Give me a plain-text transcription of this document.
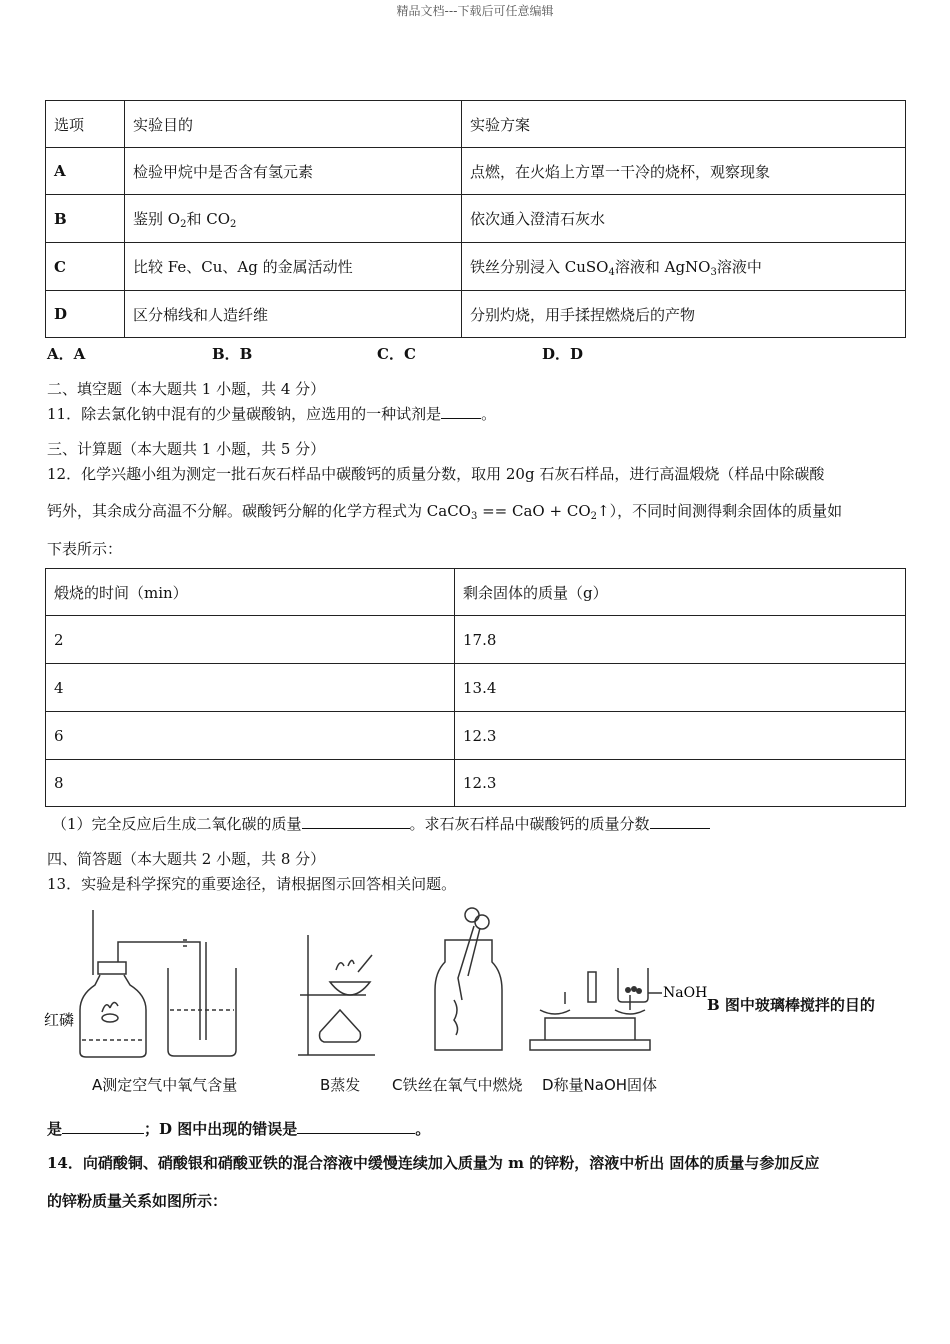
精品文档---下载后可任意编辑
选项	实验目的	实验方案
A	检验甲烷中是否含有氢元素	点燃，在火焰上方罩一干冷的烧杯，观察现象
B	鉴别 $O_2$和 $CO_2$	依次通入澄清石灰水
C	比较 Fe、Cu、Ag 的金属活动性	铁丝分别浸入 CuSO$_4$溶液和 AgNO$_3$溶液中
D	区分棉线和人造纤维	分别灼烧，用手揉捏燃烧后的产物
A．A	B．B	C．C	D．D
二、填空题（本大题共 1 小题，共 4 分）
11．除去氯化钠中混有的少量碳酸钠，应选用的一种试剂是	。
三、计算题（本大题共 1 小题，共 5 分）
12．化学兴趣小组为测定一批石灰石样品中碳酸钙的质量分数，取用 20g 石灰石样品，进行高温煅烧（样品中除碳酸
钙外，其余成分高温不分解。碳酸钙分解的化学方程式为 CaCO$_3$ == CaO + $CO_2↑$），不同时间测得剩余固体的质量如
下表所示：
煅烧的时间（min）	剩余固体的质量（g）
2	17.8
4	13.4
6	12.3
8	12.3
（1）完全反应后生成二氧化碳的质量	。求石灰石样品中碳酸钙的质量分数
四、简答题（本大题共 2 小题，共 8 分）
13．实验是科学探究的重要途径，请根据图示回答相关问题。
红磷
NaOH
B 图中玻璃棒搅拌的目的
A测定空气中氧气含量	B蒸发 C铁丝在氧气中燃烧 D称量NaOH固体
是	；D 图中出现的错误是	。
14．向硝酸铜、硝酸银和硝酸亚铁的混合溶液中缓慢连续加入质量为 m 的锌粉，溶液中析出 固体的质量与参加反应
的锌粉质量关系如图所示：
